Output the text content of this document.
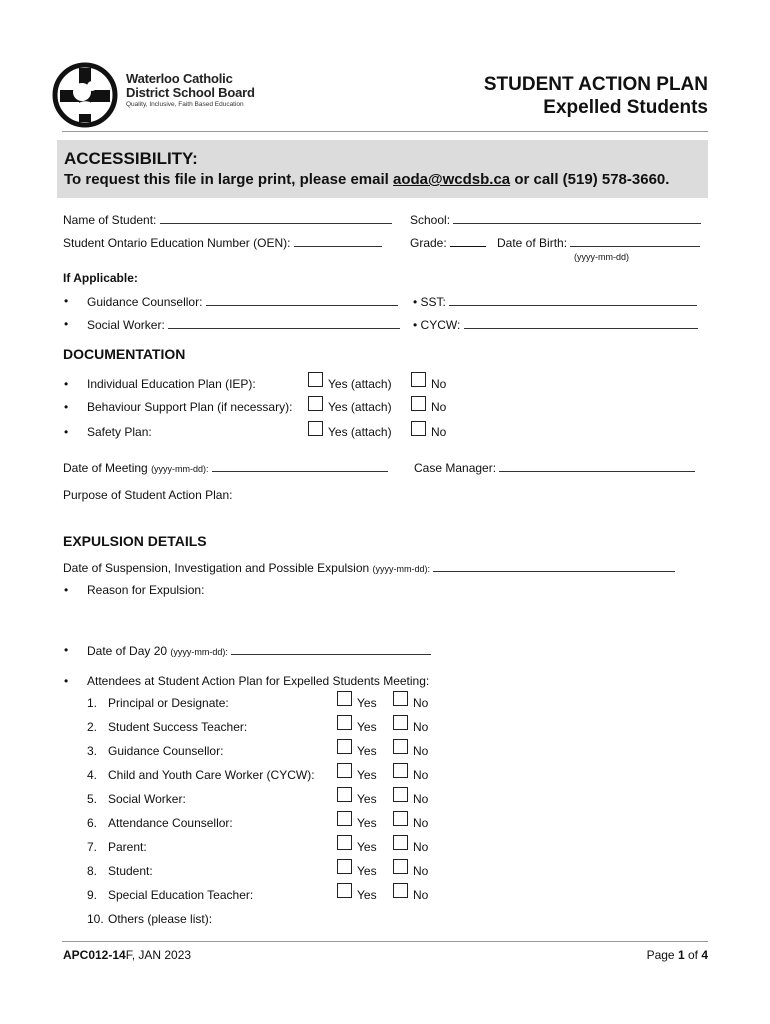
Waterloo Catholic
District School Board
Quality, Inclusive, Faith Based Education
STUDENT ACTION PLAN
Expelled Students
ACCESSIBILITY:
To request this file in large print, please email aoda@wcdsb.ca or call (519) 578-3660.
Name of Student:	School:
Student Ontario Education Number (OEN):	Grade:	Date of Birth:
(yyyy-mm-dd)
If Applicable:
• Guidance Counsellor:	• SST:
• Social Worker:	• CYCW:
DOCUMENTATION
• Individual Education Plan (IEP):	Yes (attach)	No
• Behaviour Support Plan (if necessary):	Yes (attach)	No
• Safety Plan:	Yes (attach)	No
Date of Meeting (yyyy-mm-dd):	Case Manager:
Purpose of Student Action Plan:
EXPULSION DETAILS
Date of Suspension, Investigation and Possible Expulsion (yyyy-mm-dd):
• Reason for Expulsion:
• Date of Day 20 (yyyy-mm-dd):
• Attendees at Student Action Plan for Expelled Students Meeting:
1. Principal or Designate:	Yes	No
2. Student Success Teacher:	Yes	No
3. Guidance Counsellor:	Yes	No
4. Child and Youth Care Worker (CYCW):	Yes	No
5. Social Worker:	Yes	No
6. Attendance Counsellor:	Yes	No
7. Parent:	Yes	No
8. Student:	Yes	No
9. Special Education Teacher:	Yes	No
10. Others (please list):
APC012-14F, JAN 2023	Page 1 of 4
